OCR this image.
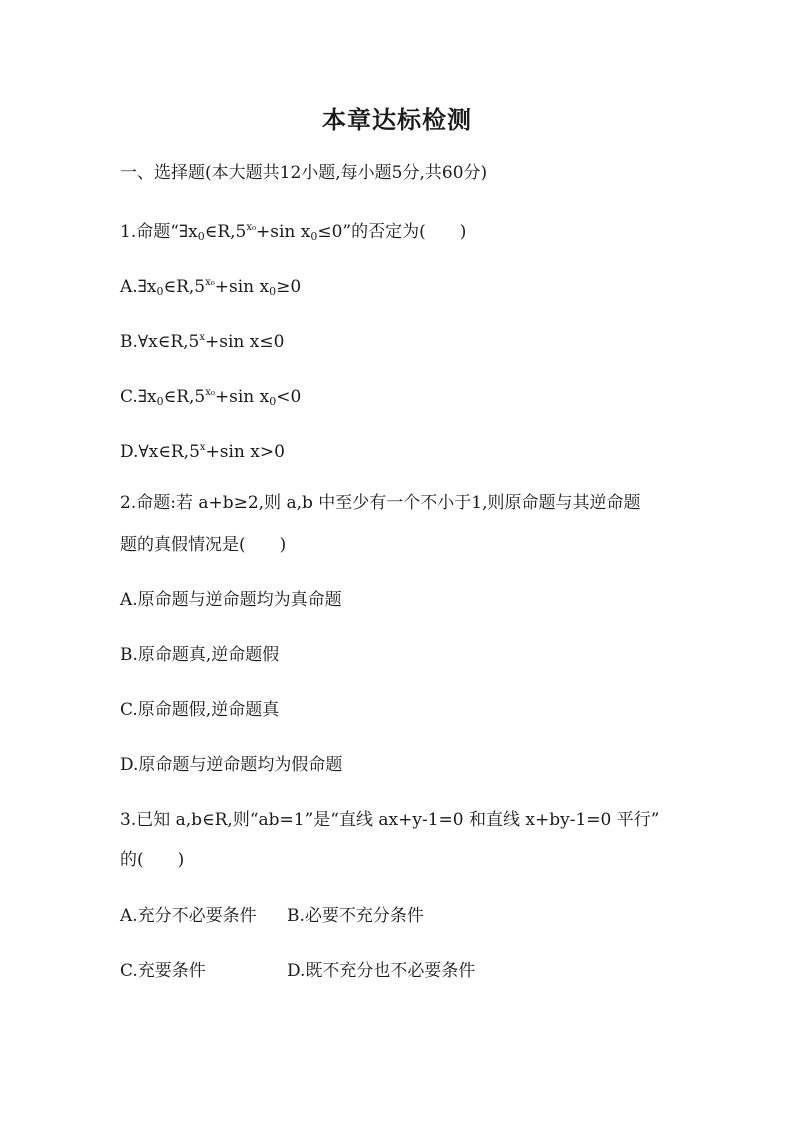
本章达标检测
一、选择题(本大题共12小题,每小题5分,共60分)
1.命题“$\exists x_0\in R,5^{x_0}+\sin$ $x_0\le 0$”的否定为(　　)
$A.\exists x_0\in R,5^{x_0}+\sin$ $x_0\ge 0$
$B.\forall x\in R,5^x+\sin$ x≤0
$C.\exists x_0\in R,5^{x_0}+\sin$ $x_0<0$
$D.\forall x\in R,5^x+\sin$ x>0
2.命题:若 a+b≥2,则 a,b 中至少有一个不小于1,则原命题与其逆命题
题的真假情况是(　　)
A.原命题与逆命题均为真命题
B.原命题真,逆命题假
C.原命题假,逆命题真
D.原命题与逆命题均为假命题
3.已知 a,b∈R,则“ab=1”是“直线 ax+y-1=0 和直线 x+by-1=0 平行”
的(　　)
A.充分不必要条件 B.必要不充分条件
C.充要条件	D.既不充分也不必要条件
